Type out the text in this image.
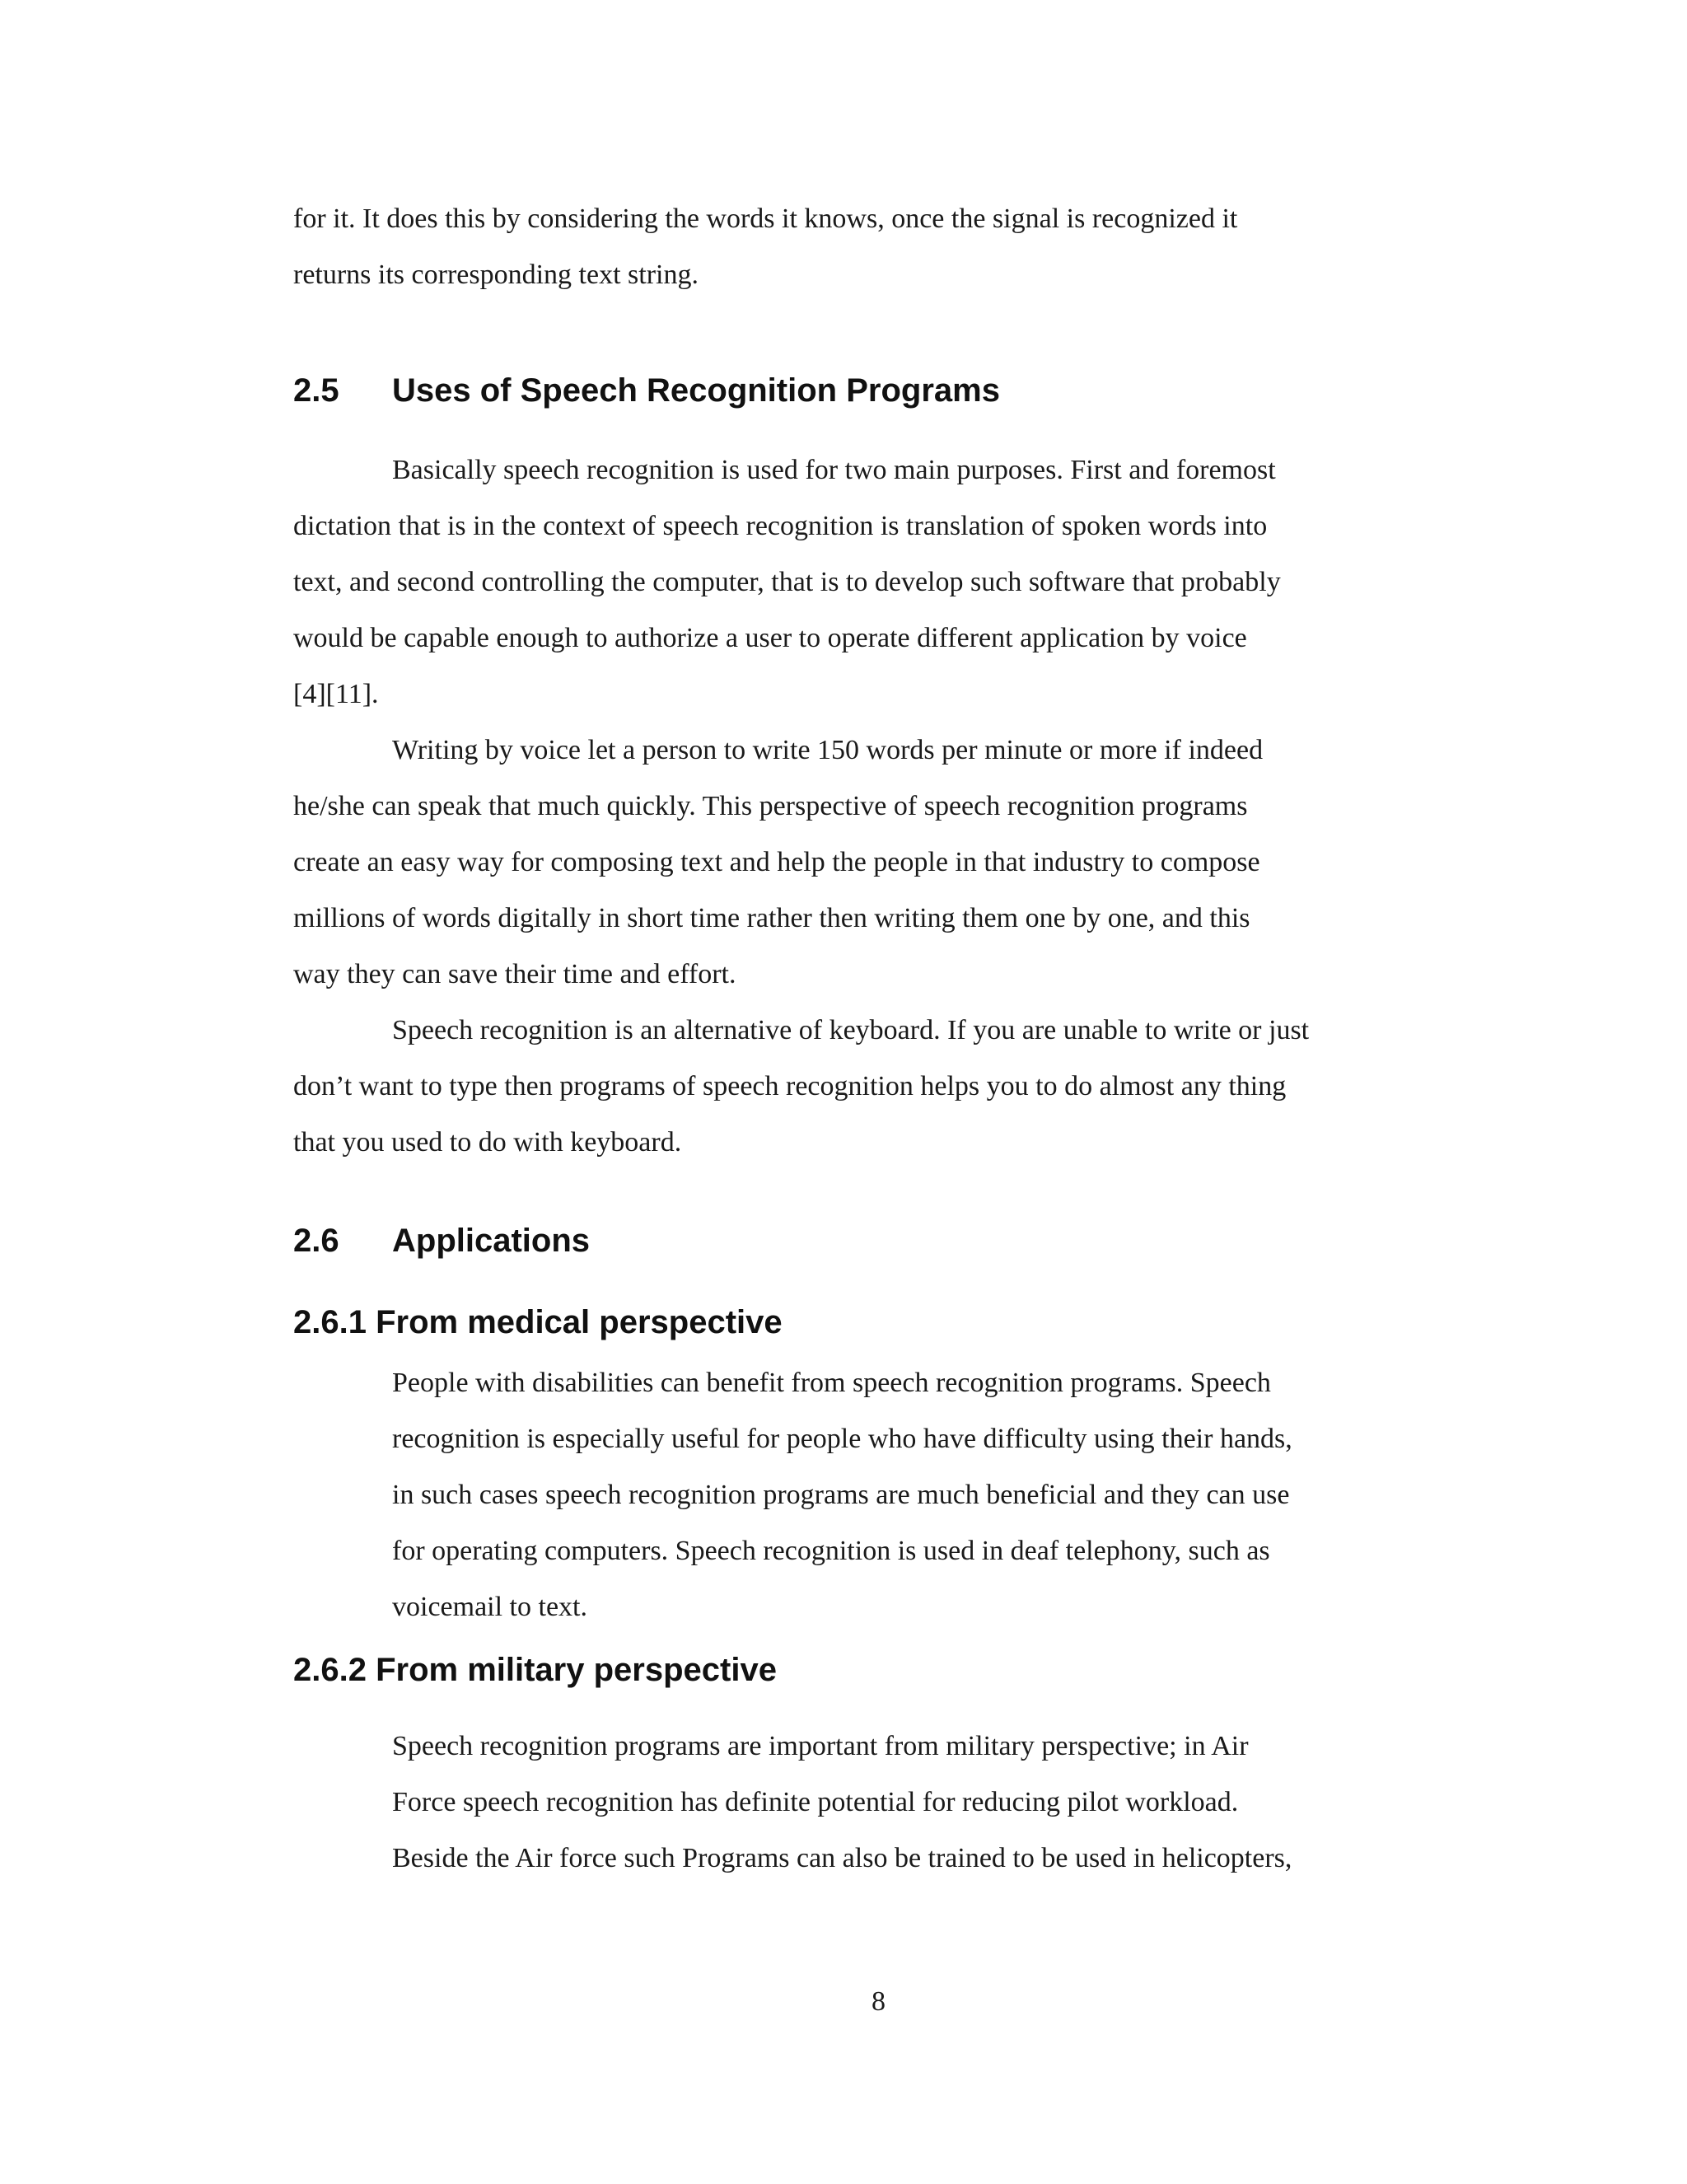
for it. It does this by considering the words it knows, once the signal is recognized it
returns its corresponding text string.
2.5 Uses of Speech Recognition Programs
Basically speech recognition is used for two main purposes. First and foremost
dictation that is in the context of speech recognition is translation of spoken words into
text, and second controlling the computer, that is to develop such software that probably
would be capable enough to authorize a user to operate different application by voice
[4][11].
Writing by voice let a person to write 150 words per minute or more if indeed
he/she can speak that much quickly. This perspective of speech recognition programs
create an easy way for composing text and help the people in that industry to compose
millions of words digitally in short time rather then writing them one by one, and this
way they can save their time and effort.
Speech recognition is an alternative of keyboard. If you are unable to write or just
don’t want to type then programs of speech recognition helps you to do almost any thing
that you used to do with keyboard.
2.6 Applications
2.6.1 From medical perspective
People with disabilities can benefit from speech recognition programs. Speech
recognition is especially useful for people who have difficulty using their hands,
in such cases speech recognition programs are much beneficial and they can use
for operating computers. Speech recognition is used in deaf telephony, such as
voicemail to text.
2.6.2 From military perspective
Speech recognition programs are important from military perspective; in Air
Force speech recognition has definite potential for reducing pilot workload.
Beside the Air force such Programs can also be trained to be used in helicopters,
8
